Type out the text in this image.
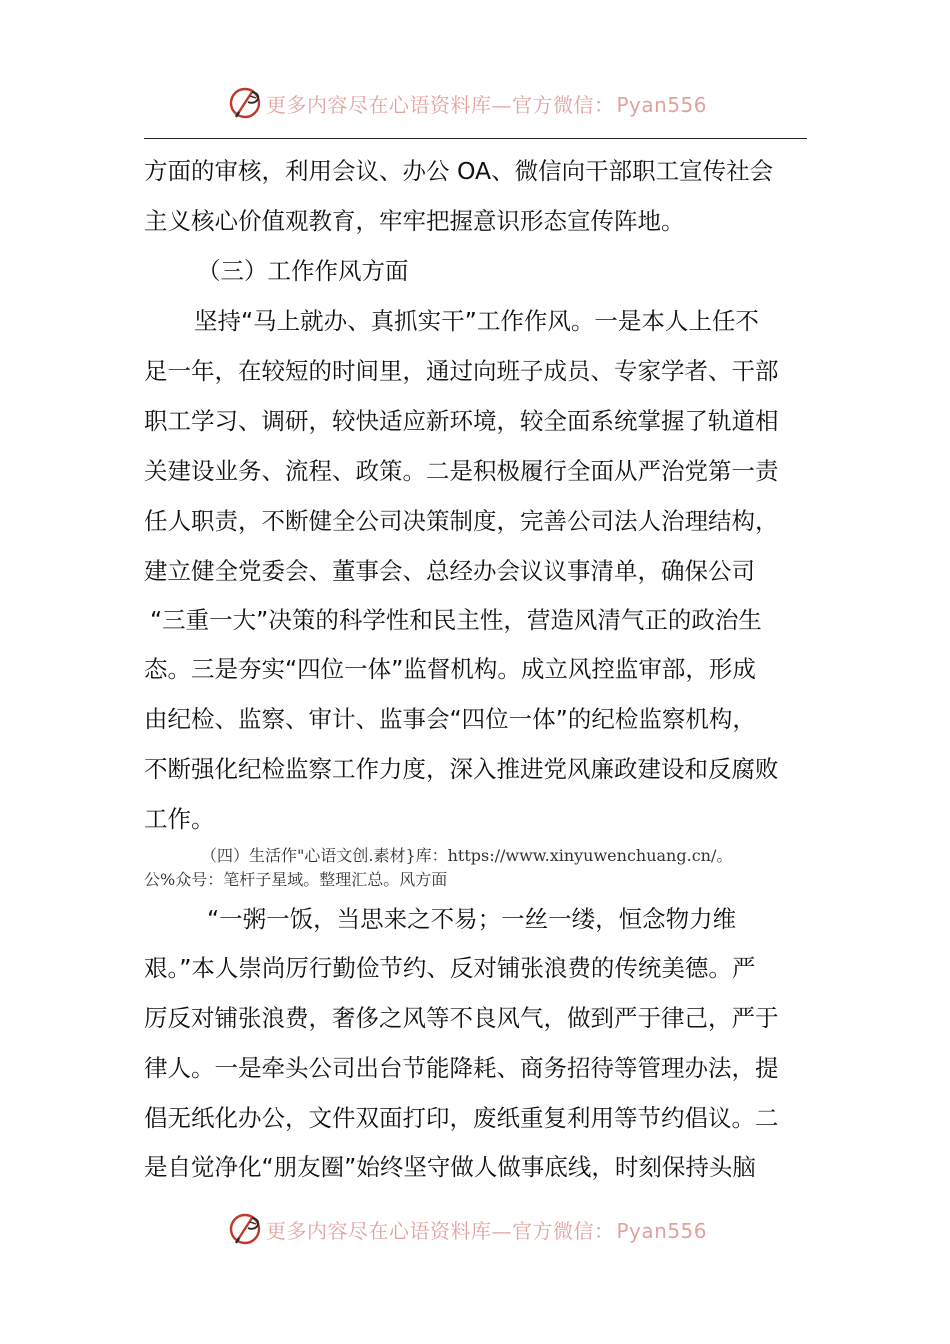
更多内容尽在心语资料库—官方微信： Pyan556
方面的审核，利用会议、办公 OA、微信向干部职工宣传社会
主义核心价值观教育，牢牢把握意识形态宣传阵地。
（三）工作作风方面
坚持“马上就办、真抓实干”工作作风。一是本人上任不
足一年，在较短的时间里，通过向班子成员、专家学者、干部
职工学习、调研，较快适应新环境，较全面系统掌握了轨道相
关建设业务、流程、政策。二是积极履行全面从严治党第一责
任人职责，不断健全公司决策制度，完善公司法人治理结构，
建立健全党委会、董事会、总经办会议议事清单，确保公司
“三重一大”决策的科学性和民主性，营造风清气正的政治生
态。三是夯实“四位一体”监督机构。成立风控监审部，形成
由纪检、监察、审计、监事会“四位一体”的纪检监察机构，
不断强化纪检监察工作力度，深入推进党风廉政建设和反腐败
工作。
（四）生活作"心语文创.素材}库：https://www.xinyuwenchuang.cn/。
公%众号：笔杆子星域。整理汇总。风方面
“一粥一饭，当思来之不易；一丝一缕，恒念物力维
艰。”本人崇尚厉行勤俭节约、反对铺张浪费的传统美德。严
厉反对铺张浪费，奢侈之风等不良风气，做到严于律己，严于
律人。一是牵头公司出台节能降耗、商务招待等管理办法，提
倡无纸化办公，文件双面打印，废纸重复利用等节约倡议。二
是自觉净化“朋友圈”始终坚守做人做事底线，时刻保持头脑
更多内容尽在心语资料库—官方微信： Pyan556
